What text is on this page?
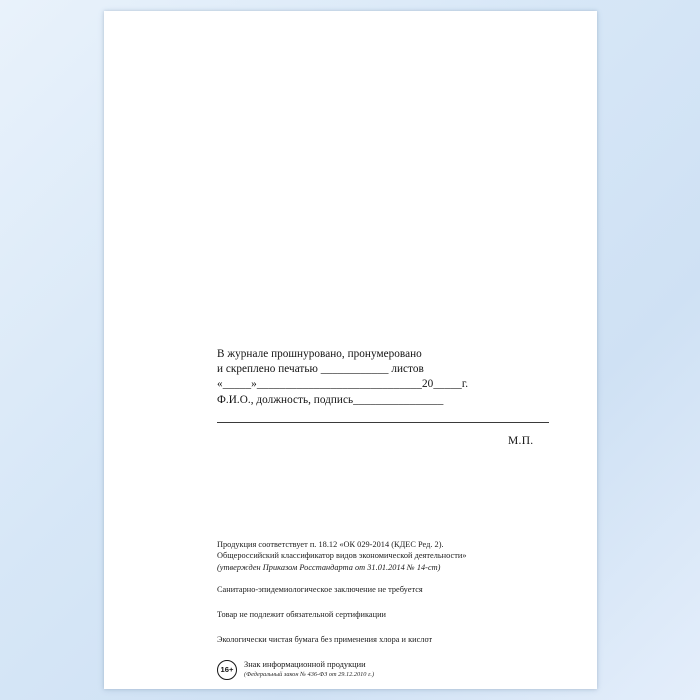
В журнале прошнуровано, пронумеровано
и скреплено печатью ____________ листов
«_____»_____________________________20_____г.
Ф.И.О., должность, подпись________________
М.П.
Продукция соответствует п. 18.12 «ОК 029-2014 (КДЕС Ред. 2).
Общероссийский классификатор видов экономической деятельности»
(утвержден Приказом Росстандарта от 31.01.2014 № 14-ст)
Санитарно-эпидемиологическое заключение не требуется
Товар не подлежит обязательной сертификации
Экологически чистая бумага без применения хлора и кислот
16+
Знак информационной продукции
(Федеральный закон № 436-ФЗ от 29.12.2010 г.)
